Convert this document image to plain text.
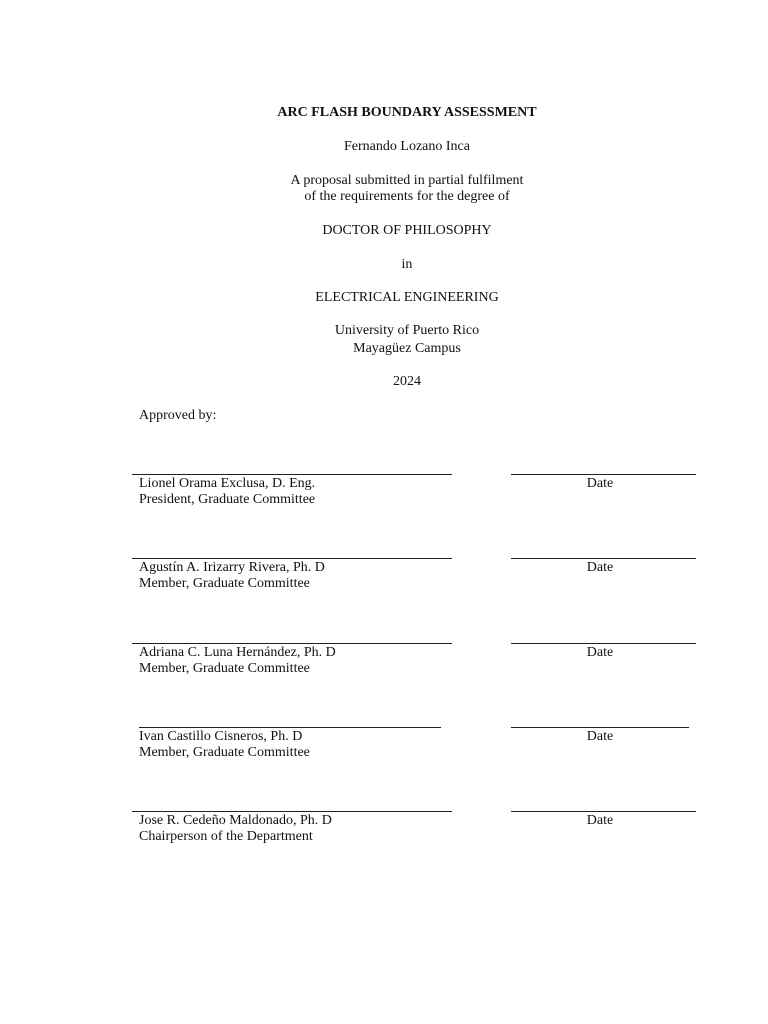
ARC FLASH BOUNDARY ASSESSMENT
Fernando Lozano Inca
A proposal submitted in partial fulfilment
of the requirements for the degree of
DOCTOR OF PHILOSOPHY
in
ELECTRICAL ENGINEERING
University of Puerto Rico
Mayagüez Campus
2024
Approved by:
Lionel Orama Exclusa, D. Eng.
President, Graduate Committee
Date
Agustín A. Irizarry Rivera, Ph. D
Member, Graduate Committee
Date
Adriana C. Luna Hernández, Ph. D
Member, Graduate Committee
Date
Ivan Castillo Cisneros, Ph. D
Member, Graduate Committee
Date
Jose R. Cedeño Maldonado, Ph. D
Chairperson of the Department
Date
